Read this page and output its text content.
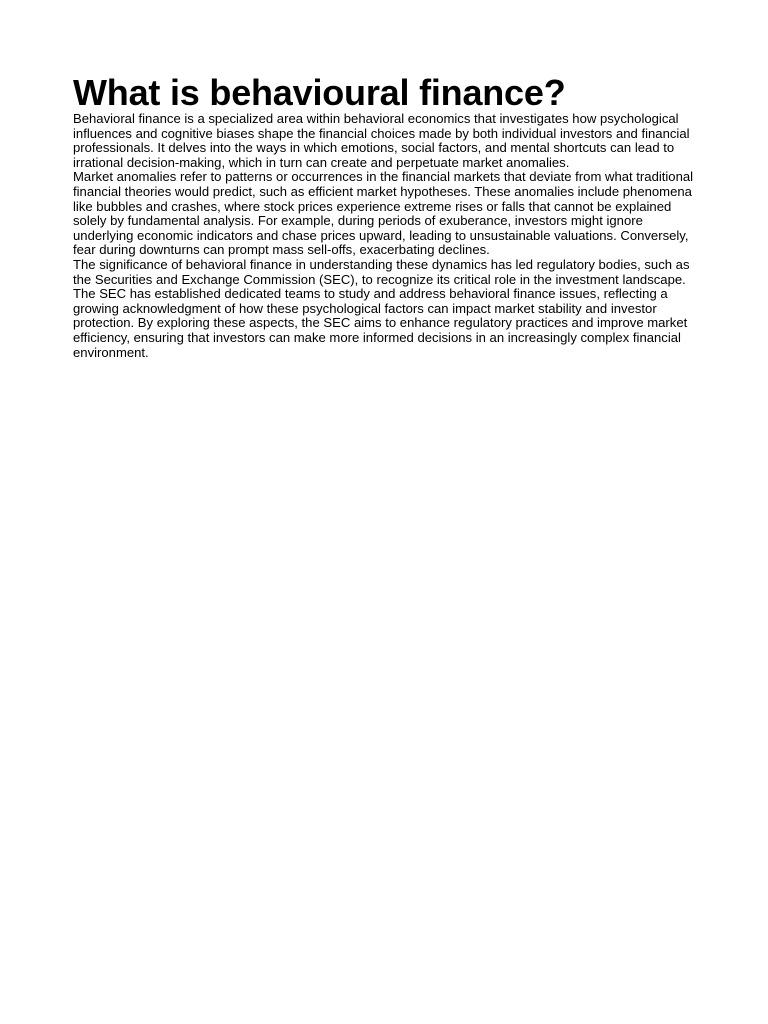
What is behavioural finance?

Behavioral finance is a specialized area within behavioral economics that investigates how psychological influences and cognitive biases shape the financial choices made by both individual investors and financial professionals. It delves into the ways in which emotions, social factors, and mental shortcuts can lead to irrational decision-making, which in turn can create and perpetuate market anomalies.

Market anomalies refer to patterns or occurrences in the financial markets that deviate from what traditional financial theories would predict, such as efficient market hypotheses. These anomalies include phenomena like bubbles and crashes, where stock prices experience extreme rises or falls that cannot be explained solely by fundamental analysis. For example, during periods of exuberance, investors might ignore underlying economic indicators and chase prices upward, leading to unsustainable valuations. Conversely, fear during downturns can prompt mass sell-offs, exacerbating declines.

The significance of behavioral finance in understanding these dynamics has led regulatory bodies, such as the Securities and Exchange Commission (SEC), to recognize its critical role in the investment landscape. The SEC has established dedicated teams to study and address behavioral finance issues, reflecting a growing acknowledgment of how these psychological factors can impact market stability and investor protection. By exploring these aspects, the SEC aims to enhance regulatory practices and improve market efficiency, ensuring that investors can make more informed decisions in an increasingly complex financial environment.
